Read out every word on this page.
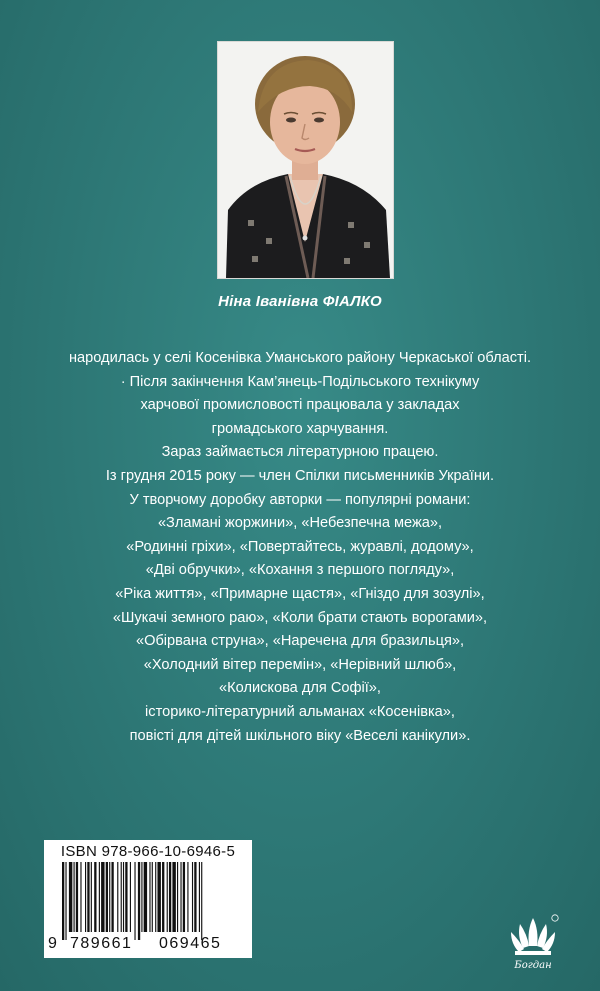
Ніна Іванівна ФІАЛКО
народилась у селі Косенівка Уманського району Черкаської області.
· Після закінчення Кам’янець-Подільського технікуму
харчової промисловості працювала у закладах
громадського харчування.
Зараз займається літературною працею.
Із грудня 2015 року — член Спілки письменників України.
У творчому доробку авторки — популярні романи:
«Зламані жоржини», «Небезпечна межа»,
«Родинні гріхи», «Повертайтесь, журавлі, додому»,
«Дві обручки», «Кохання з першого погляду»,
«Ріка життя», «Примарне щастя», «Гніздо для зозулі»,
«Шукачі земного раю», «Коли брати стають ворогами»,
«Обірвана струна», «Наречена для бразильця»,
«Холодний вітер перемін», «Нерівний шлюб»,
«Колискова для Софії»,
історико-літературний альманах «Косенівка»,
повісті для дітей шкільного віку «Веселі канікули».
ISBN 978-966-10-6946-5
9 789661 069465
Богдан
